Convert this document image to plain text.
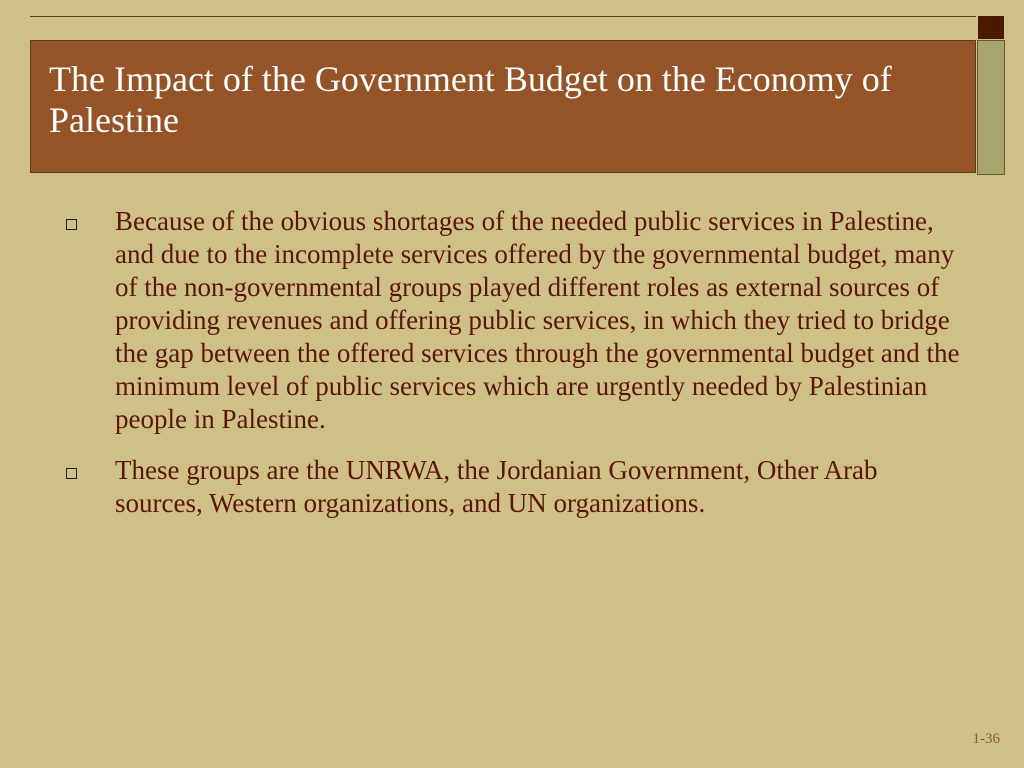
The Impact of the Government Budget on the Economy of Palestine
Because of the obvious shortages of the needed public services in Palestine, and due to the incomplete services offered by the governmental budget, many of the non-governmental groups played different roles as external sources of providing revenues and offering public services, in which they tried to bridge the gap between the offered services through the governmental budget and the minimum level of public services which are urgently needed by Palestinian people in Palestine.
These groups are the UNRWA, the Jordanian Government, Other Arab sources, Western organizations, and UN organizations.
1-36
